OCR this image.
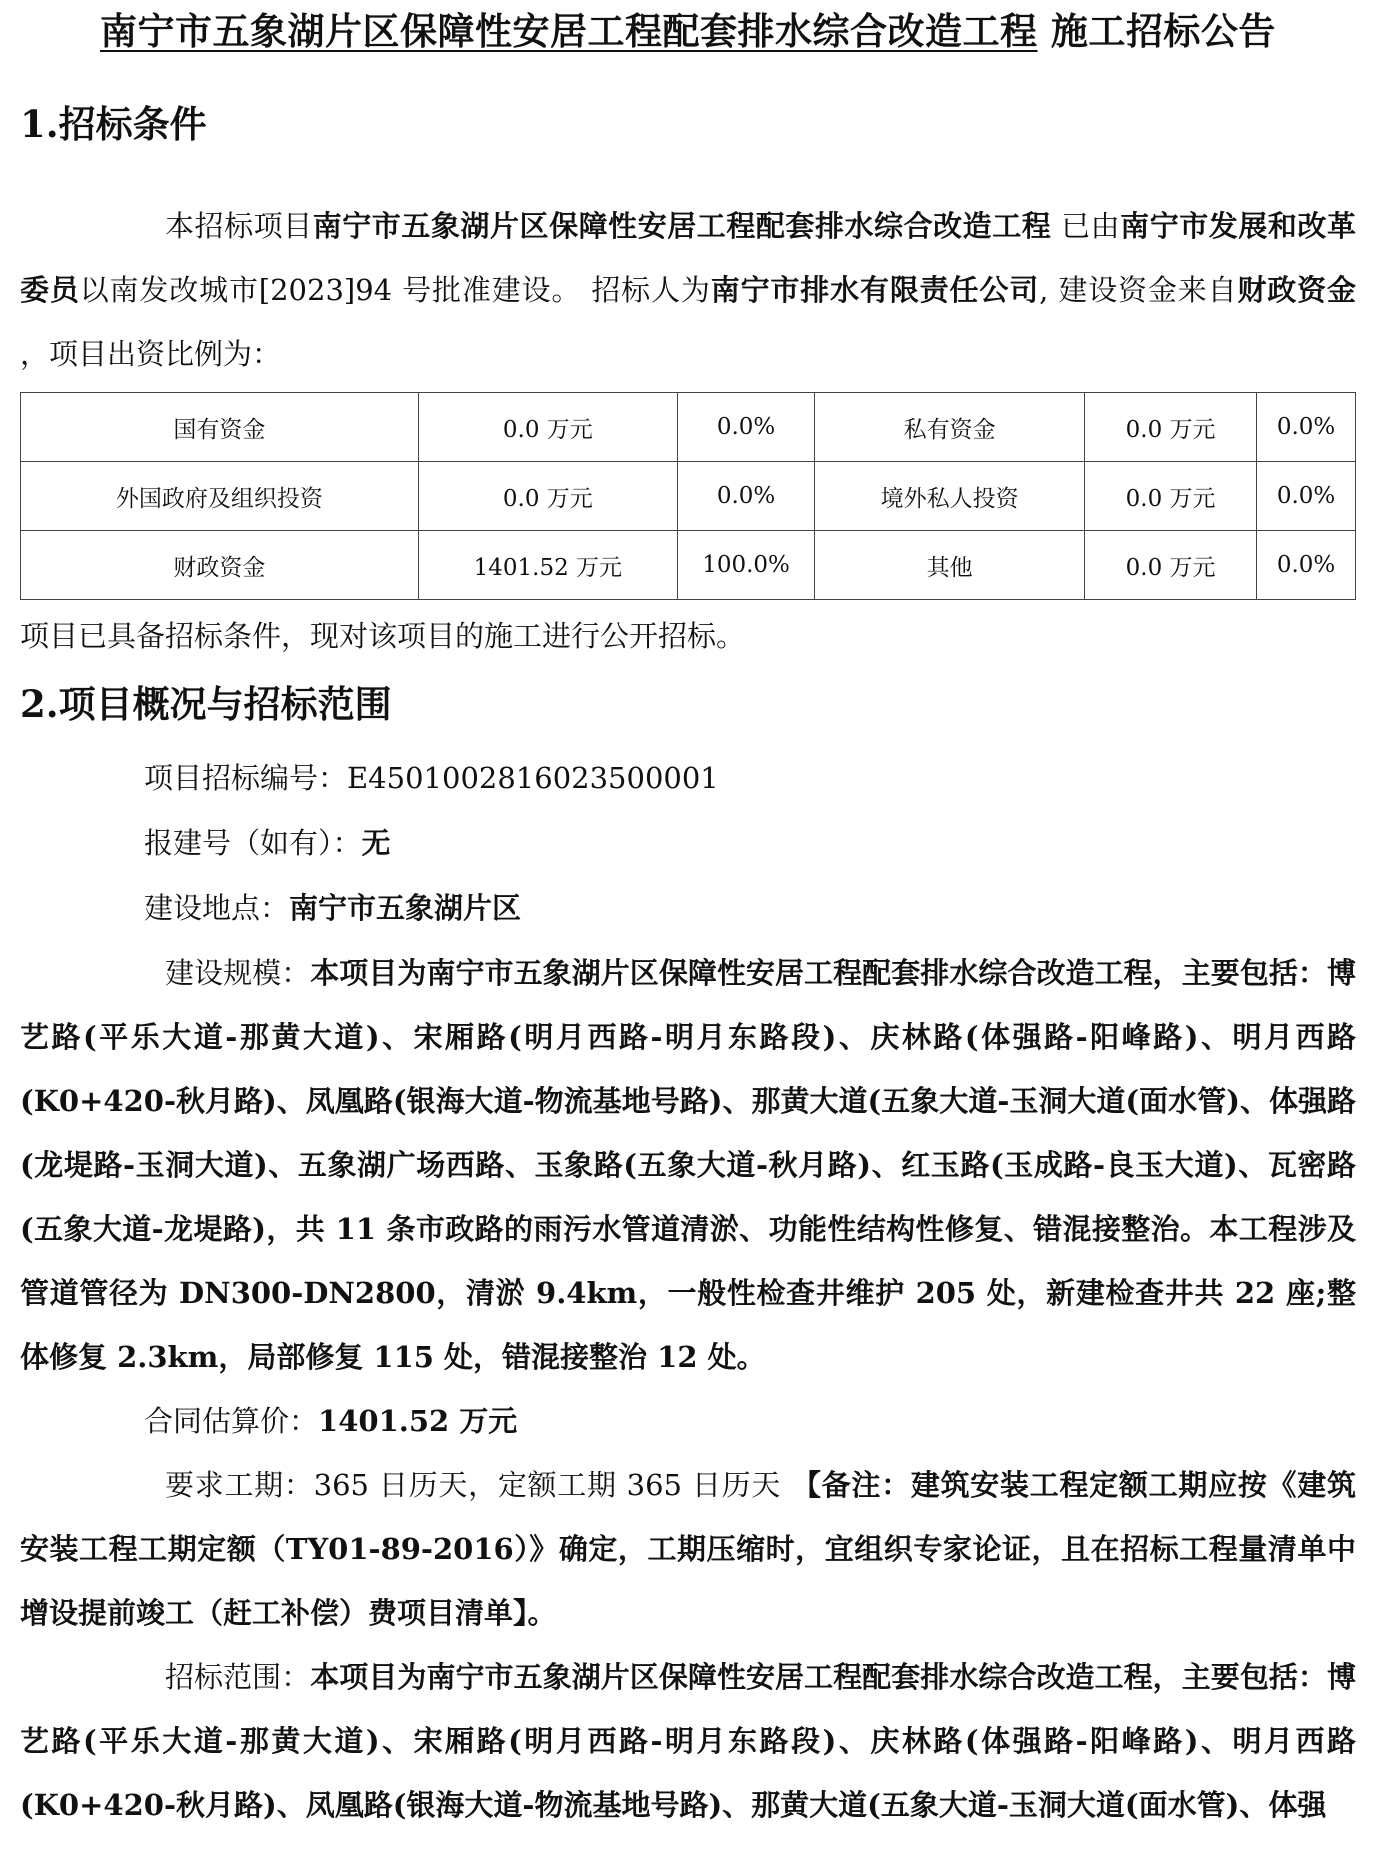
南宁市五象湖片区保障性安居工程配套排水综合改造工程 施工招标公告
1.招标条件

本招标项目南宁市五象湖片区保障性安居工程配套排水综合改造工程 已由南宁市发展和改革委员以南发改城市[2023]94 号批准建设。 招标人为南宁市排水有限责任公司, 建设资金来自财政资金 ，项目出资比例为：

国有资金	0.0 万元	0.0%	私有资金	0.0 万元	0.0%
外国政府及组织投资	0.0 万元	0.0%	境外私人投资	0.0 万元	0.0%
财政资金	1401.52 万元	100.0%	其他	0.0 万元	0.0%

项目已具备招标条件，现对该项目的施工进行公开招标。

2.项目概况与招标范围

项目招标编号：E4501002816023500001

报建号（如有）：无

建设地点：南宁市五象湖片区

建设规模：本项目为南宁市五象湖片区保障性安居工程配套排水综合改造工程，主要包括：博艺路(平乐大道-那黄大道)、宋厢路(明月西路-明月东路段)、庆林路(体强路-阳峰路)、明月西路(K0+420-秋月路)、凤凰路(银海大道-物流基地号路)、那黄大道(五象大道-玉洞大道(面水管)、体强路(龙堤路-玉洞大道)、五象湖广场西路、玉象路(五象大道-秋月路)、红玉路(玉成路-良玉大道)、瓦密路(五象大道-龙堤路)，共 11 条市政路的雨污水管道清淤、功能性结构性修复、错混接整治。本工程涉及管道管径为 DN300-DN2800，清淤 9.4km，一般性检查井维护 205 处，新建检查井共 22 座;整体修复 2.3km，局部修复 115 处，错混接整治 12 处。

合同估算价：1401.52 万元

要求工期：365 日历天，定额工期 365 日历天 【备注：建筑安装工程定额工期应按《建筑安装工程工期定额（TY01-89-2016）》确定，工期压缩时，宜组织专家论证，且在招标工程量清单中增设提前竣工（赶工补偿）费项目清单】。

招标范围：本项目为南宁市五象湖片区保障性安居工程配套排水综合改造工程，主要包括：博艺路(平乐大道-那黄大道)、宋厢路(明月西路-明月东路段)、庆林路(体强路-阳峰路)、明月西路(K0+420-秋月路)、凤凰路(银海大道-物流基地号路)、那黄大道(五象大道-玉洞大道(面水管)、体强
